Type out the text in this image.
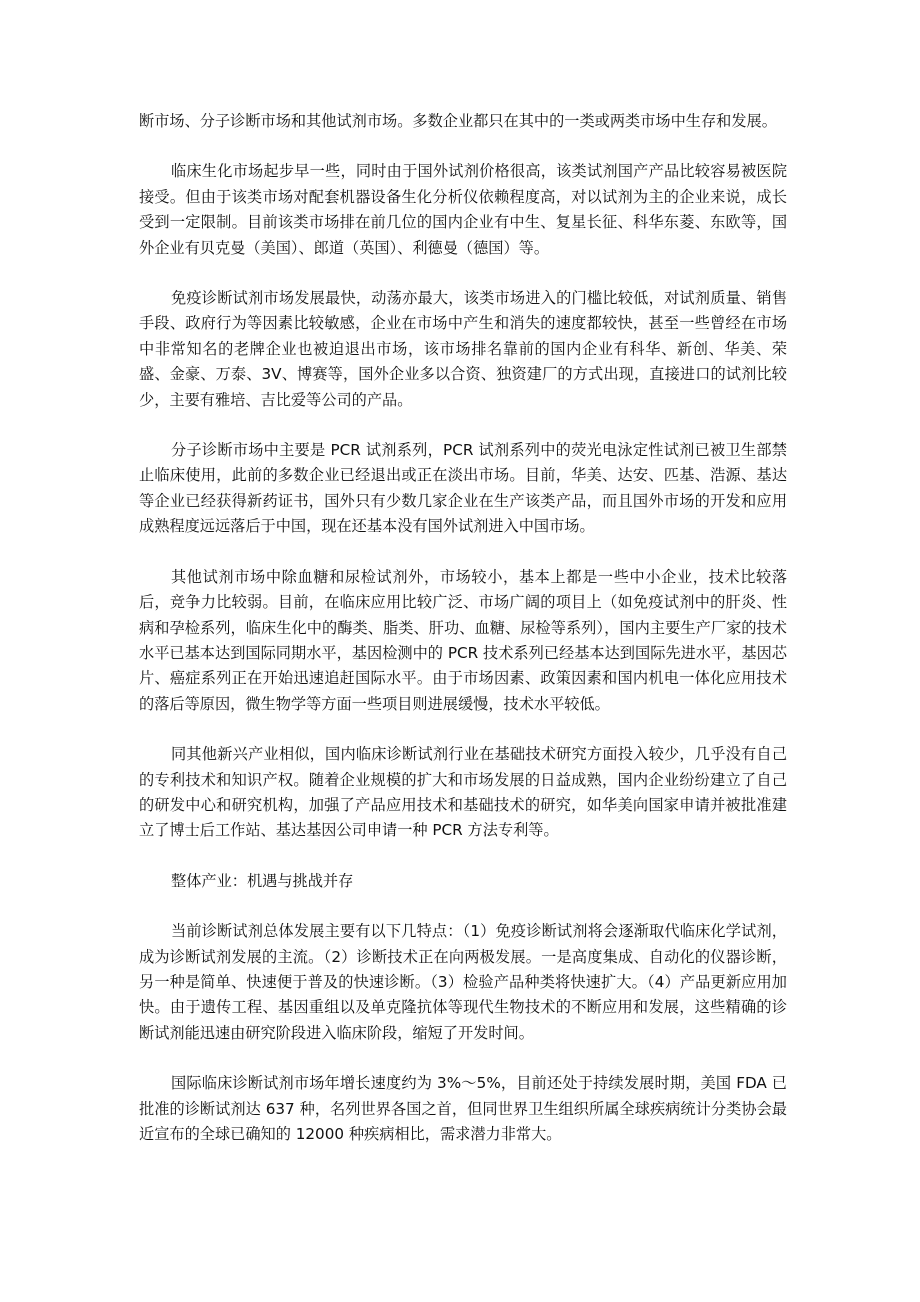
断市场、分子诊断市场和其他试剂市场。多数企业都只在其中的一类或两类市场中生存和发展。

临床生化市场起步早一些，同时由于国外试剂价格很高，该类试剂国产产品比较容易被医院接受。但由于该类市场对配套机器设备生化分析仪依赖程度高，对以试剂为主的企业来说，成长受到一定限制。目前该类市场排在前几位的国内企业有中生、复星长征、科华东菱、东欧等，国外企业有贝克曼（美国）、郎道（英国）、利德曼（德国）等。

免疫诊断试剂市场发展最快，动荡亦最大，该类市场进入的门槛比较低，对试剂质量、销售手段、政府行为等因素比较敏感，企业在市场中产生和消失的速度都较快，甚至一些曾经在市场中非常知名的老牌企业也被迫退出市场，该市场排名靠前的国内企业有科华、新创、华美、荣盛、金豪、万泰、3V、博赛等，国外企业多以合资、独资建厂的方式出现，直接进口的试剂比较少，主要有雅培、吉比爱等公司的产品。

分子诊断市场中主要是 PCR 试剂系列，PCR 试剂系列中的荧光电泳定性试剂已被卫生部禁止临床使用，此前的多数企业已经退出或正在淡出市场。目前，华美、达安、匹基、浩源、基达等企业已经获得新药证书，国外只有少数几家企业在生产该类产品，而且国外市场的开发和应用成熟程度远远落后于中国，现在还基本没有国外试剂进入中国市场。

其他试剂市场中除血糖和尿检试剂外，市场较小，基本上都是一些中小企业，技术比较落后，竞争力比较弱。目前，在临床应用比较广泛、市场广阔的项目上（如免疫试剂中的肝炎、性病和孕检系列，临床生化中的酶类、脂类、肝功、血糖、尿检等系列），国内主要生产厂家的技术水平已基本达到国际同期水平，基因检测中的 PCR 技术系列已经基本达到国际先进水平，基因芯片、癌症系列正在开始迅速追赶国际水平。由于市场因素、政策因素和国内机电一体化应用技术的落后等原因，微生物学等方面一些项目则进展缓慢，技术水平较低。

同其他新兴产业相似，国内临床诊断试剂行业在基础技术研究方面投入较少，几乎没有自己的专利技术和知识产权。随着企业规模的扩大和市场发展的日益成熟，国内企业纷纷建立了自己的研发中心和研究机构，加强了产品应用技术和基础技术的研究，如华美向国家申请并被批准建立了博士后工作站、基达基因公司申请一种 PCR 方法专利等。

整体产业：机遇与挑战并存

当前诊断试剂总体发展主要有以下几特点：（1）免疫诊断试剂将会逐渐取代临床化学试剂，成为诊断试剂发展的主流。（2）诊断技术正在向两极发展。一是高度集成、自动化的仪器诊断，另一种是简单、快速便于普及的快速诊断。（3）检验产品种类将快速扩大。（4）产品更新应用加快。由于遗传工程、基因重组以及单克隆抗体等现代生物技术的不断应用和发展，这些精确的诊断试剂能迅速由研究阶段进入临床阶段，缩短了开发时间。

国际临床诊断试剂市场年增长速度约为 3%～5%，目前还处于持续发展时期，美国 FDA 已批准的诊断试剂达 637 种，名列世界各国之首，但同世界卫生组织所属全球疾病统计分类协会最近宣布的全球已确知的 12000 种疾病相比，需求潜力非常大。
